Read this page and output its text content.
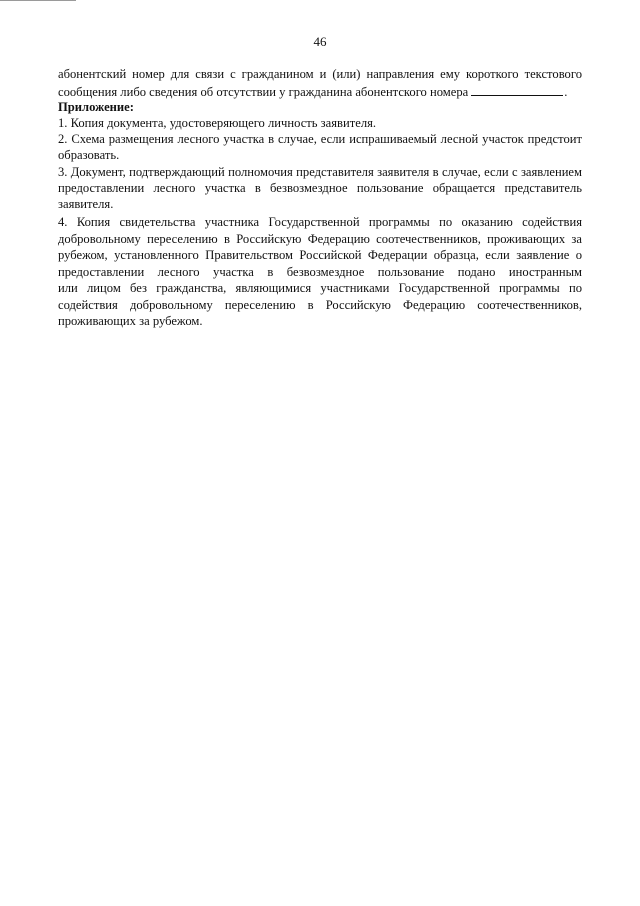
46
абонентский номер для связи с гражданином и (или) направления ему короткого текстового
сообщения либо сведения об отсутствии у гражданина абонентского номера	.
Приложение:
1. Копия документа, удостоверяющего личность заявителя.
2. Схема размещения лесного участка в случае, если испрашиваемый лесной участок предстоит
образовать.
3. Документ, подтверждающий полномочия представителя заявителя в случае, если с заявлением
предоставлении лесного участка в безвозмездное пользование обращается представитель
заявителя.
4. Копия свидетельства участника Государственной программы по оказанию содействия
добровольному переселению в Российскую Федерацию соотечественников, проживающих за
рубежом, установленного Правительством Российской Федерации образца, если заявление о
предоставлении лесного участка в безвозмездное пользование подано иностранным
или лицом без гражданства, являющимися участниками Государственной программы по
содействия добровольному переселению в Российскую Федерацию соотечественников,
проживающих за рубежом.
